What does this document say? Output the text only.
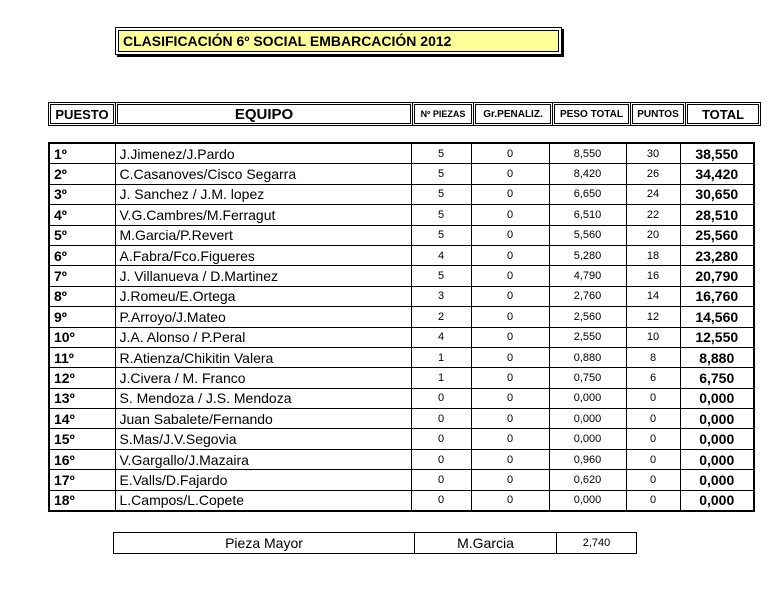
CLASIFICACIÓN 6º SOCIAL EMBARCACIÓN 2012
PUESTO	EQUIPO	Nº PIEZAS	Gr.PENALIZ.	PESO TOTAL	PUNTOS	TOTAL
1º	J.Jimenez/J.Pardo	5	0	8,550	30	38,550
2º	C.Casanoves/Cisco Segarra	5	0	8,420	26	34,420
3º	J. Sanchez / J.M. lopez	5	0	6,650	24	30,650
4º	V.G.Cambres/M.Ferragut	5	0	6,510	22	28,510
5º	M.Garcia/P.Revert	5	0	5,560	20	25,560
6º	A.Fabra/Fco.Figueres	4	0	5,280	18	23,280
7º	J. Villanueva / D.Martinez	5	0	4,790	16	20,790
8º	J.Romeu/E.Ortega	3	0	2,760	14	16,760
9º	P.Arroyo/J.Mateo	2	0	2,560	12	14,560
10º	J.A. Alonso / P.Peral	4	0	2,550	10	12,550
11º	R.Atienza/Chikitin Valera	1	0	0,880	8	8,880
12º	J.Civera / M. Franco	1	0	0,750	6	6,750
13º	S. Mendoza / J.S. Mendoza	0	0	0,000	0	0,000
14º	Juan Sabalete/Fernando	0	0	0,000	0	0,000
15º	S.Mas/J.V.Segovia	0	0	0,000	0	0,000
16º	V.Gargallo/J.Mazaira	0	0	0,960	0	0,000
17º	E.Valls/D.Fajardo	0	0	0,620	0	0,000
18º	L.Campos/L.Copete	0	0	0,000	0	0,000
Pieza Mayor	M.Garcia	2,740
